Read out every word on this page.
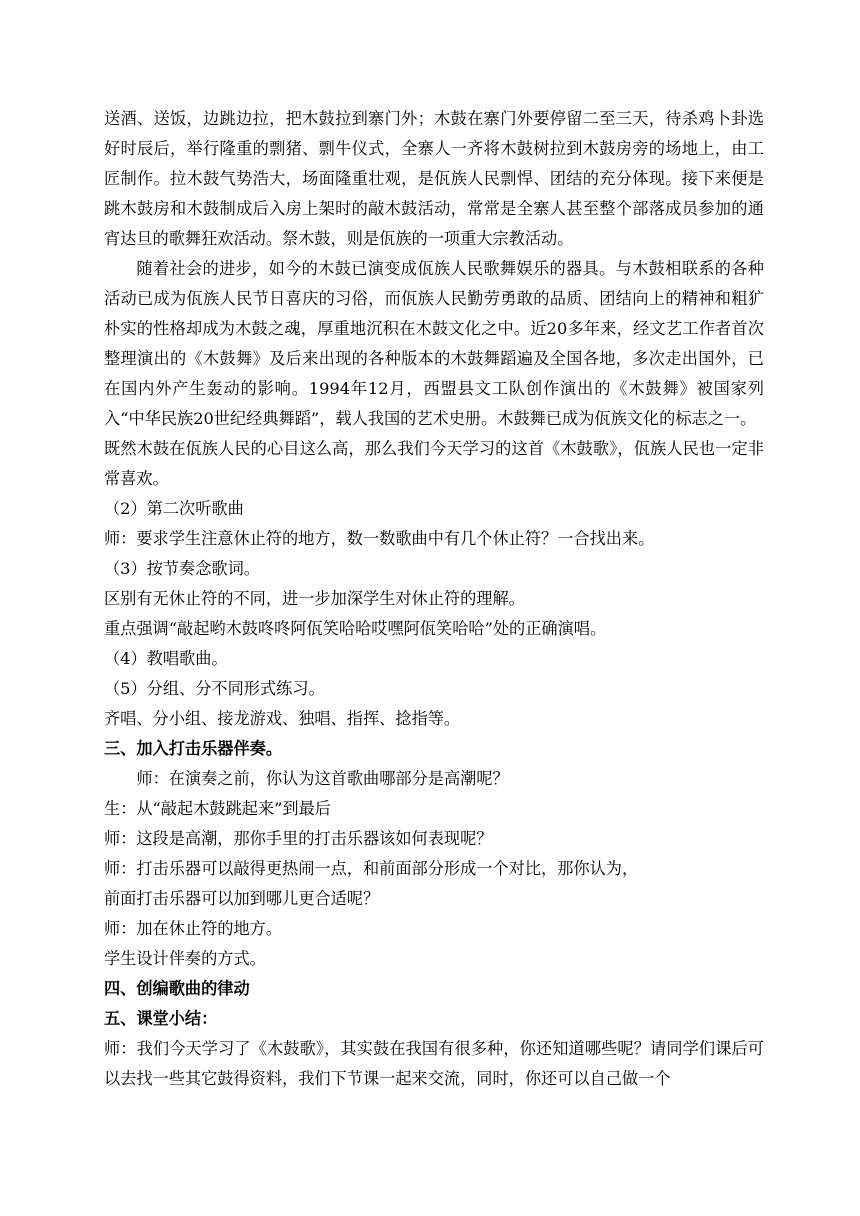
送酒、送饭，边跳边拉，把木鼓拉到寨门外；木鼓在寨门外要停留二至三天，待杀鸡卜卦选好时辰后，举行隆重的剽猪、剽牛仪式，全寨人一齐将木鼓树拉到木鼓房旁的场地上，由工匠制作。拉木鼓气势浩大，场面隆重壮观，是佤族人民剽悍、团结的充分体现。接下来便是跳木鼓房和木鼓制成后入房上架时的敲木鼓活动，常常是全寨人甚至整个部落成员参加的通宵达旦的歌舞狂欢活动。祭木鼓，则是佤族的一项重大宗教活动。

随着社会的进步，如今的木鼓已演变成佤族人民歌舞娱乐的器具。与木鼓相联系的各种活动已成为佤族人民节日喜庆的习俗，而佤族人民勤劳勇敢的品质、团结向上的精神和粗犷朴实的性格却成为木鼓之魂，厚重地沉积在木鼓文化之中。近20多年来，经文艺工作者首次整理演出的《木鼓舞》及后来出现的各种版本的木鼓舞蹈遍及全国各地，多次走出国外，已在国内外产生轰动的影响。1994年12月，西盟县文工队创作演出的《木鼓舞》被国家列入“中华民族20世纪经典舞蹈”，载人我国的艺术史册。木鼓舞已成为佤族文化的标志之一。

既然木鼓在佤族人民的心目这么高，那么我们今天学习的这首《木鼓歌》，佤族人民也一定非常喜欢。

（2）第二次听歌曲

师：要求学生注意休止符的地方，数一数歌曲中有几个休止符？一合找出来。

（3）按节奏念歌词。

区别有无休止符的不同，进一步加深学生对休止符的理解。

重点强调“敲起哟木鼓咚咚阿佤笑哈哈哎嘿阿佤笑哈哈”处的正确演唱。

（4）教唱歌曲。

（5）分组、分不同形式练习。

齐唱、分小组、接龙游戏、独唱、指挥、捻指等。

三、加入打击乐器伴奏。

师：在演奏之前，你认为这首歌曲哪部分是高潮呢？

生：从“敲起木鼓跳起来”到最后

师：这段是高潮，那你手里的打击乐器该如何表现呢？

师：打击乐器可以敲得更热闹一点，和前面部分形成一个对比，那你认为，

前面打击乐器可以加到哪儿更合适呢？

师：加在休止符的地方。

学生设计伴奏的方式。

四、创编歌曲的律动

五、课堂小结：

师：我们今天学习了《木鼓歌》，其实鼓在我国有很多种，你还知道哪些呢？请同学们课后可以去找一些其它鼓得资料，我们下节课一起来交流，同时，你还可以自己做一个
